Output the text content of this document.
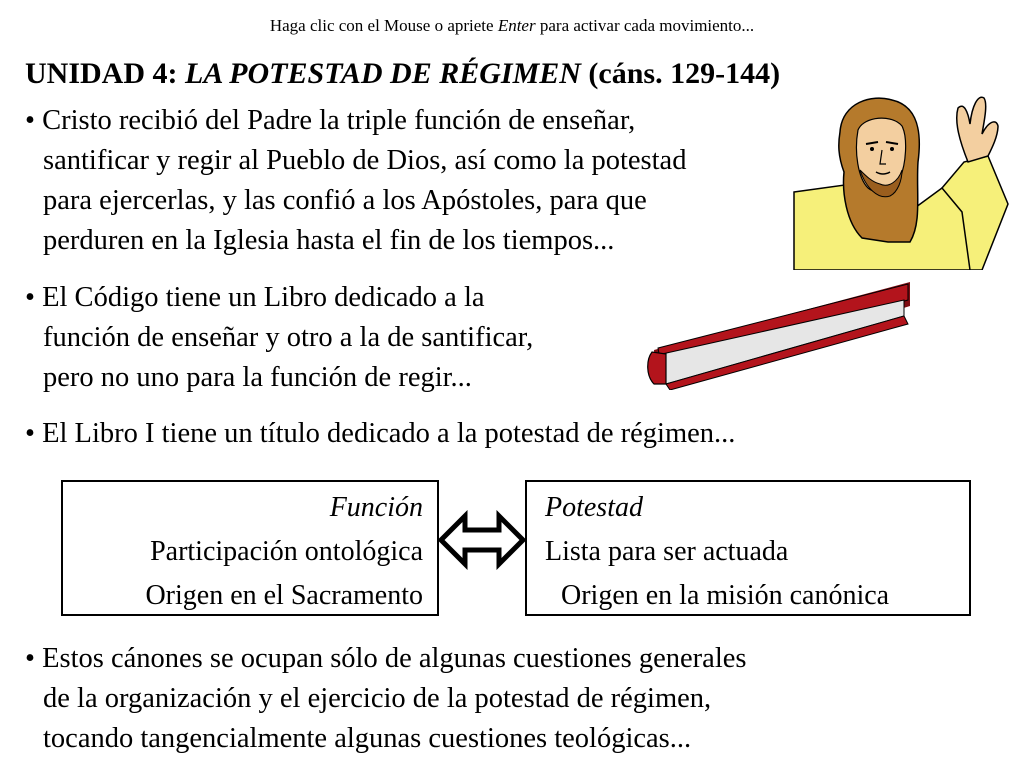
Haga clic con el Mouse o apriete Enter para activar cada movimiento...
UNIDAD 4: LA POTESTAD DE RÉGIMEN (cáns. 129-144)
• Cristo recibió del Padre la triple función de enseñar,
santificar y regir al Pueblo de Dios, así como la potestad
para ejercerlas, y las confió a los Apóstoles, para que
perduren en la Iglesia hasta el fin de los tiempos...
• El Código tiene un Libro dedicado a la
función de enseñar y otro a la de santificar,
pero no uno para la función de regir...
• El Libro I tiene un título dedicado a la potestad de régimen...
Función
Participación ontológica
Origen en el Sacramento
Potestad
Lista para ser actuada
Origen en la misión canónica
• Estos cánones se ocupan sólo de algunas cuestiones generales
de la organización y el ejercicio de la potestad de régimen,
tocando tangencialmente algunas cuestiones teológicas...
